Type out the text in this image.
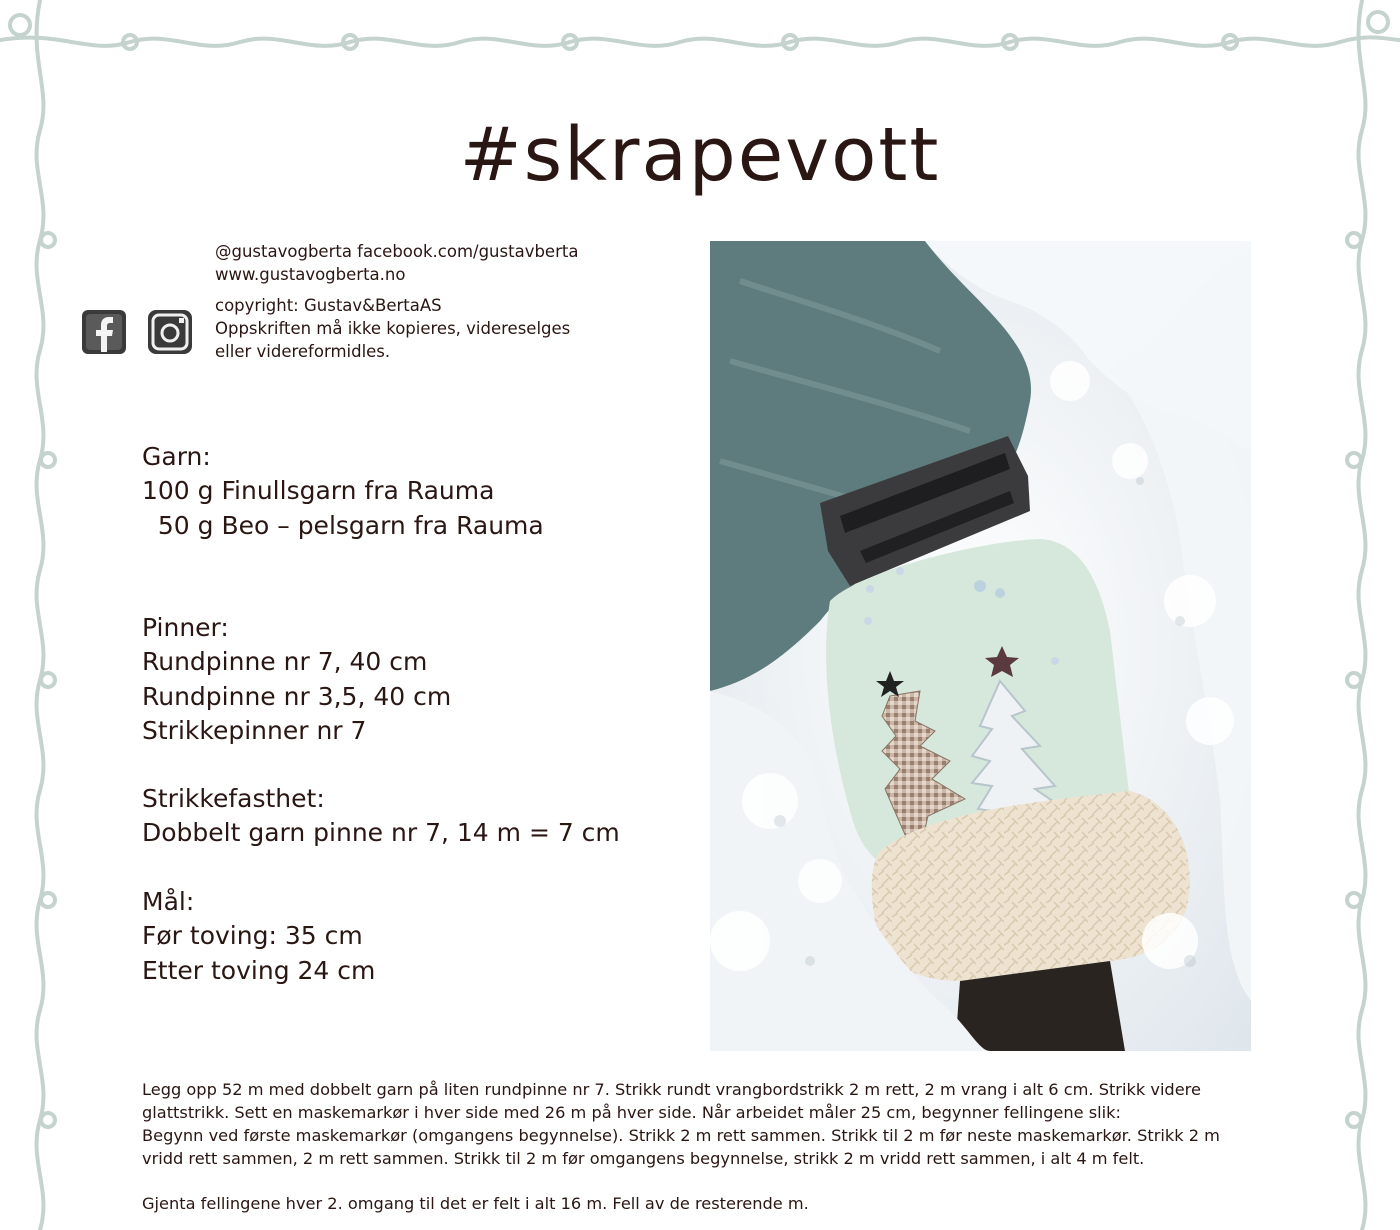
#skrapevott

@gustavogberta facebook.com/gustavberta

www.gustavogberta.no

copyright: Gustav&BertaAS

Oppskriften må ikke kopieres, videreselges

eller videreformidles.

Garn:
100 g Finullsgarn fra Rauma
50 g Beo – pelsgarn fra Rauma
Pinner:
Rundpinne nr 7, 40 cm
Rundpinne nr 3,5, 40 cm
Strikkepinner nr 7
Strikkefasthet:
Dobbelt garn pinne nr 7, 14 m = 7 cm
Mål:
Før toving: 35 cm
Etter toving 24 cm

Legg opp 52 m med dobbelt garn på liten rundpinne nr 7. Strikk rundt vrangbordstrikk 2 m rett, 2 m vrang i alt 6 cm. Strikk videre

glattstrikk. Sett en maskemarkør i hver side med 26 m på hver side. Når arbeidet måler 25 cm, begynner fellingene slik:

Begynn ved første maskemarkør (omgangens begynnelse). Strikk 2 m rett sammen. Strikk til 2 m før neste maskemarkør. Strikk 2 m

vridd rett sammen, 2 m rett sammen. Strikk til 2 m før omgangens begynnelse, strikk 2 m vridd rett sammen, i alt 4 m felt.

Gjenta fellingene hver 2. omgang til det er felt i alt 16 m. Fell av de resterende m.
